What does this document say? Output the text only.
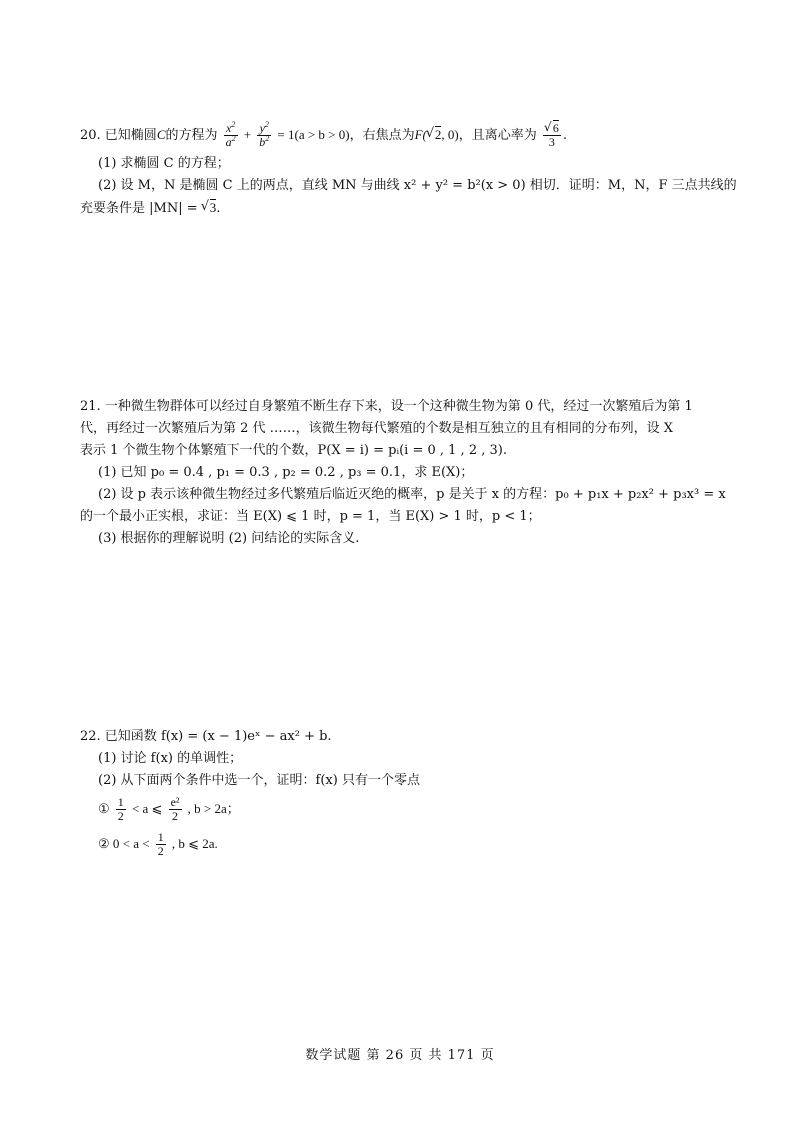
20. 已知椭圆C的方程为 $\frac{x^2}{a^2} + \frac{y^2}{b^2} = 1(a > b > 0)$，右焦点为F( √ 2, 0)，且离心率为 √ $\frac{6}{3}$ .
(1) 求椭圆 C 的方程；
(2) 设 M，N 是椭圆 C 上的两点，直线 MN 与曲线 x² + y² = b²(x > 0) 相切．证明：M，N，F 三点共线的
充要条件是 |MN| = √ 3.
21. 一种微生物群体可以经过自身繁殖不断生存下来，设一个这种微生物为第 0 代，经过一次繁殖后为第 1
代，再经过一次繁殖后为第 2 代 ……，该微生物每代繁殖的个数是相互独立的且有相同的分布列，设 X
表示 1 个微生物个体繁殖下一代的个数，P(X = i) = pᵢ(i = 0 , 1 , 2 , 3).
(1) 已知 p₀ = 0.4 , p₁ = 0.3 , p₂ = 0.2 , p₃ = 0.1，求 E(X)；
(2) 设 p 表示该种微生物经过多代繁殖后临近灭绝的概率，p 是关于 x 的方程：p₀ + p₁x + p₂x² + p₃x³ = x
的一个最小正实根，求证：当 E(X) ⩽ 1 时，p = 1，当 E(X) > 1 时，p < 1；
(3) 根据你的理解说明 (2) 问结论的实际含义.
22. 已知函数 f(x) = (x − 1)eˣ − ax² + b.
(1) 讨论 f(x) 的单调性；
(2) 从下面两个条件中选一个，证明：f(x) 只有一个零点
① $\frac{1}{2} < a$ ⩽ $\frac{\text{e²}}{2}$ , b > 2a；
② $0 < a < \frac{1}{2}$ , b ⩽ 2a.
数学试题 第 26 页 共 171 页
